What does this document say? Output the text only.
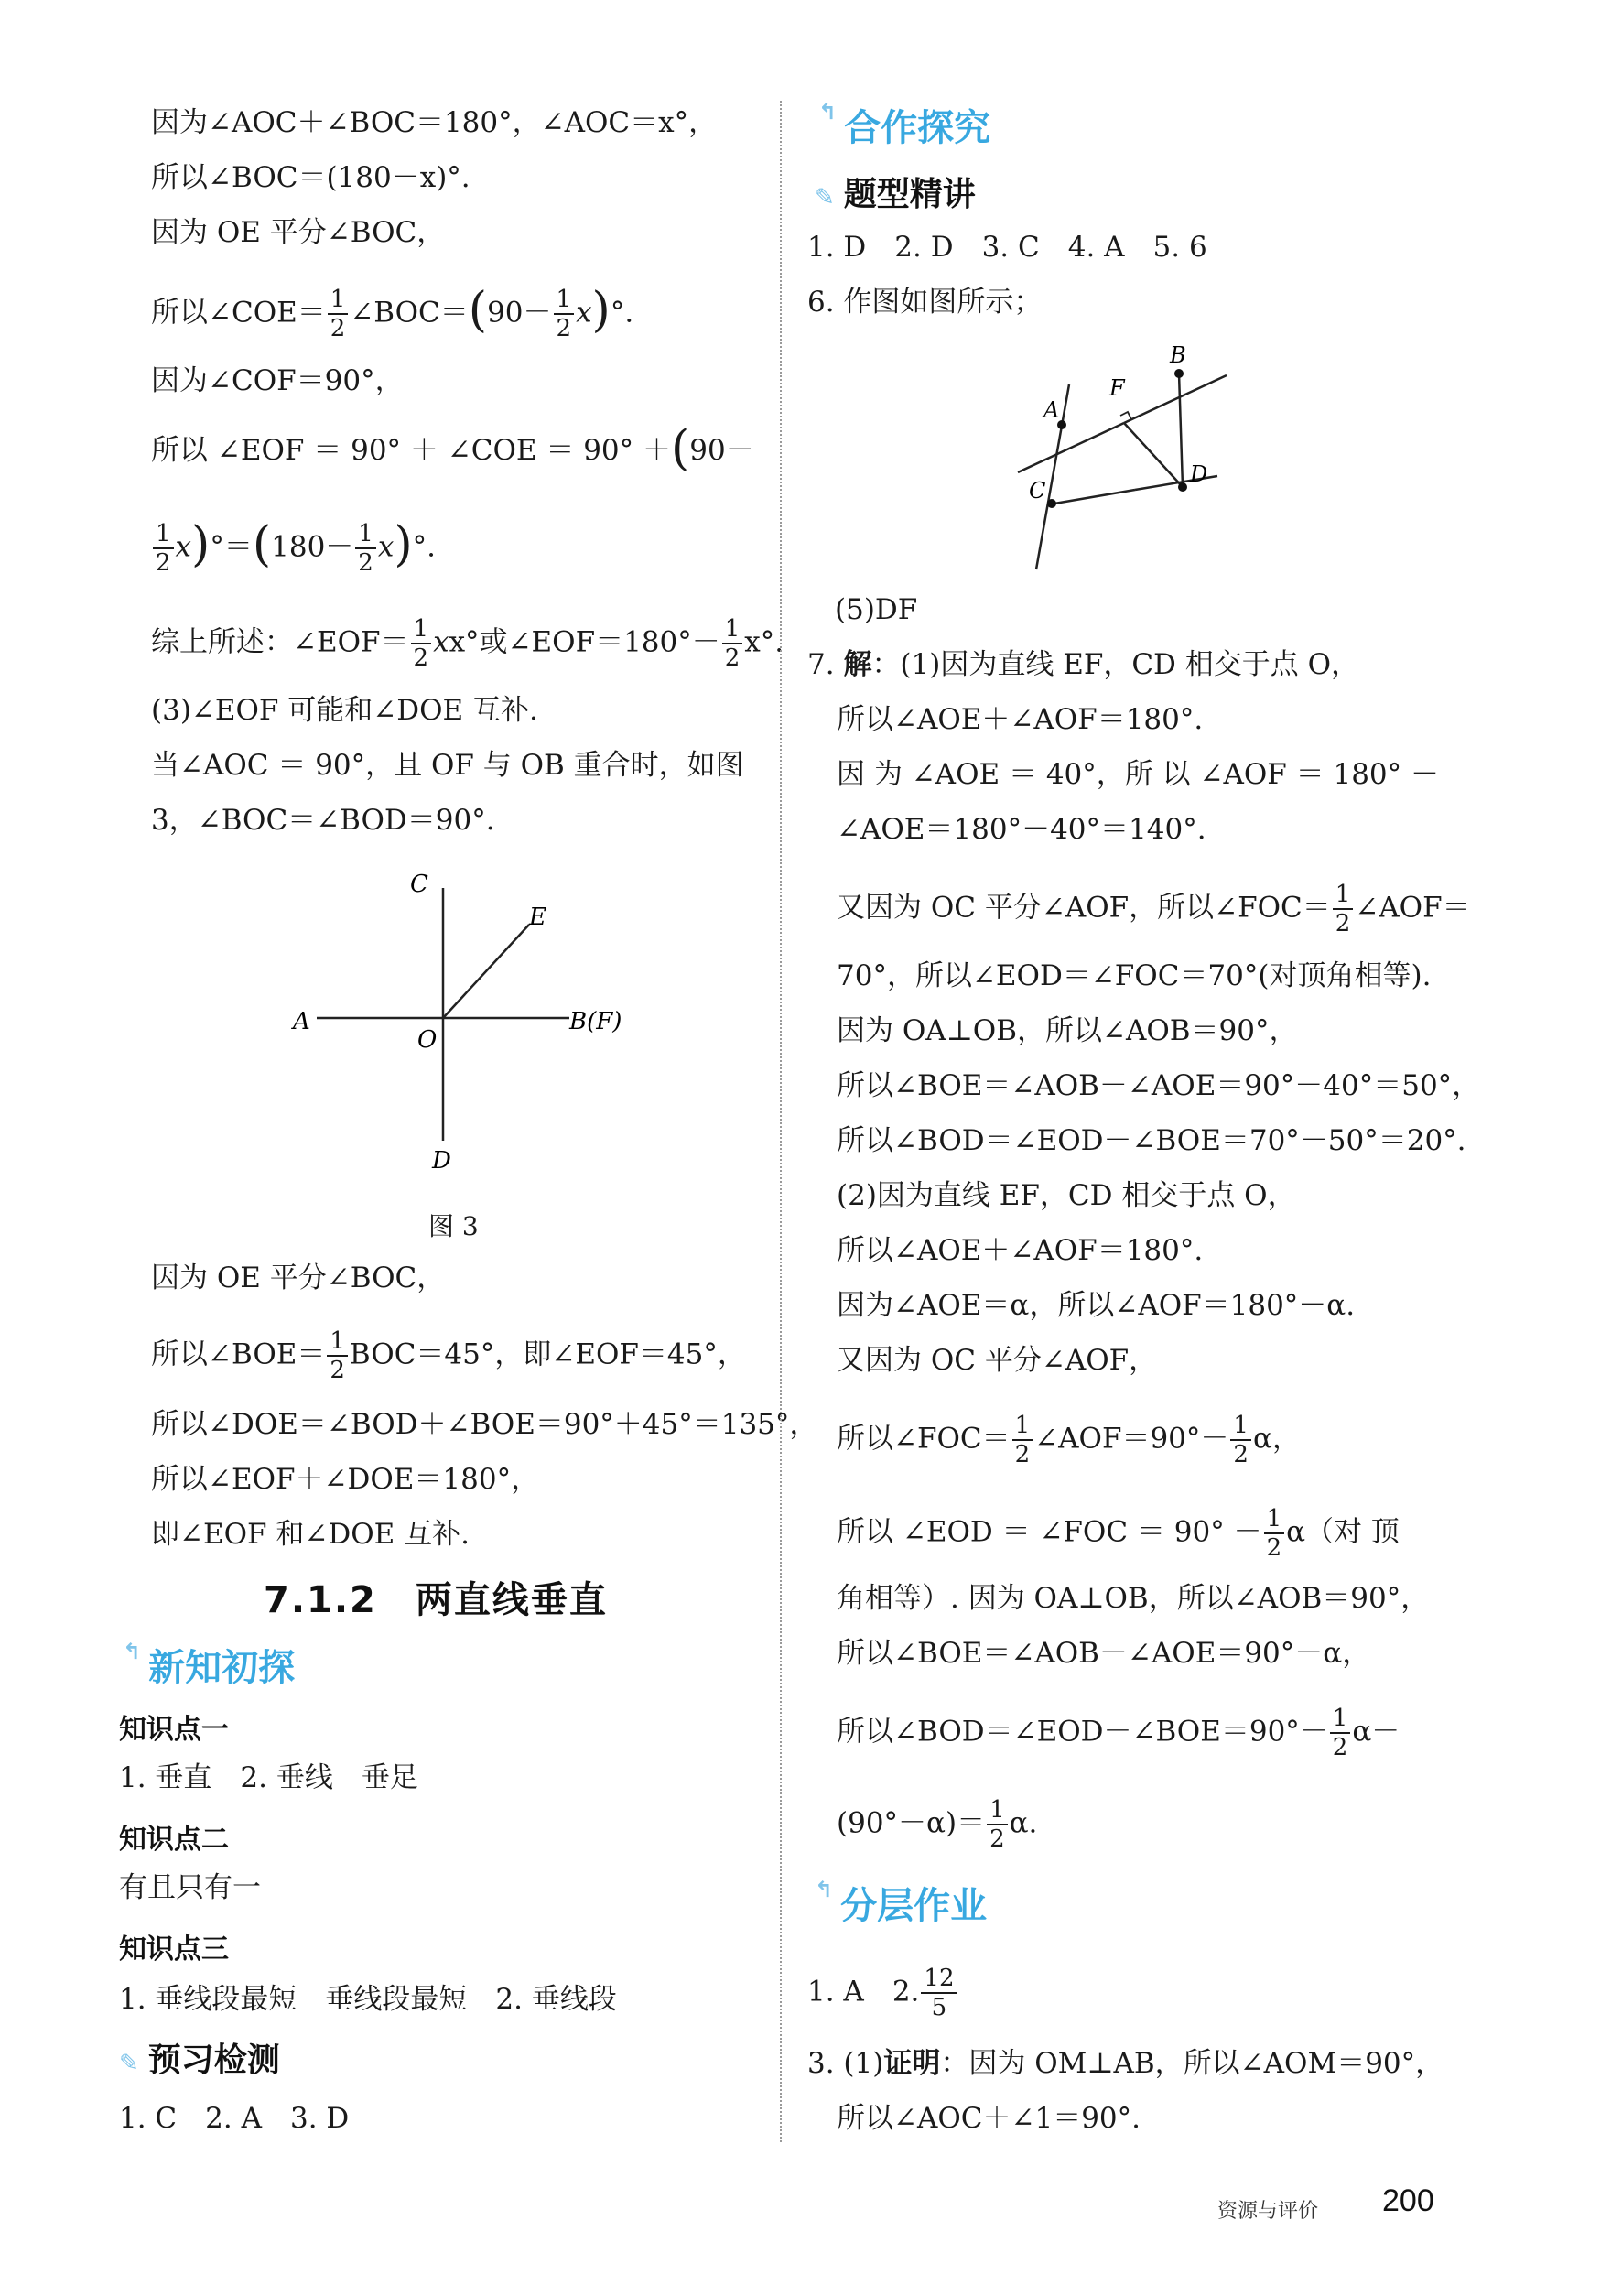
因为∠AOC＋∠BOC＝180°，∠AOC＝x°，
所以∠BOC＝(180－x)°.
因为 OE 平分∠BOC，
所以∠COE＝ $\frac{1}{2}$ ∠BOC＝(90－ $\frac{1}{2} x)^\circ$.
因为∠COF＝90°，
所以 ∠EOF ＝ 90° ＋ ∠COE ＝ 90° ＋(90－
$\frac{1}{2} x)^\circ=(180- \frac{1}{2} x)^\circ$.
综上所述：∠EOF＝ $\frac{1}{2} xx^\circ$或∠EOF＝180°－ $\frac{1}{2} x^\circ$.
(3)∠EOF 可能和∠DOE 互补.
当∠AOC ＝ 90°，且 OF 与 OB 重合时，如图
3，∠BOC＝∠BOD＝90°.
C
E
A
O
B(F)
D
图 3
因为 OE 平分∠BOC，
所以∠BOE＝ $\frac{1}{2} BOC=45^\circ$，即∠EOF＝45°，
所以∠DOE＝∠BOD＋∠BOE＝90°＋45°＝135°，
所以∠EOF＋∠DOE＝180°，
即∠EOF 和∠DOE 互补.
7.1.2　两直线垂直
↰ 新知初探
知识点一
1. 垂直　2. 垂线　垂足
知识点二
有且只有一
知识点三
1. 垂线段最短　垂线段最短　2. 垂线段
✎ 预习检测
1. C　2. A　3. D
↰ 合作探究
✎ 题型精讲
1. D　2. D　3. C　4. A　5. 6
6. 作图如图所示；
A
B
C
D
F
(5)DF
7. 解：(1)因为直线 EF，CD 相交于点 O，
所以∠AOE＋∠AOF＝180°.
因 为 ∠AOE ＝ 40°，所 以 ∠AOF ＝ 180° －
∠AOE＝180°－40°＝140°.
又因为 OC 平分∠AOF，所以∠FOC＝ $\frac{1}{2}$ ∠AOF＝
70°，所以∠EOD＝∠FOC＝70°(对顶角相等).
因为 OA⊥OB，所以∠AOB＝90°，
所以∠BOE＝∠AOB－∠AOE＝90°－40°＝50°，
所以∠BOD＝∠EOD－∠BOE＝70°－50°＝20°.
(2)因为直线 EF，CD 相交于点 O，
所以∠AOE＋∠AOF＝180°.
因为∠AOE＝α，所以∠AOF＝180°－α.
又因为 OC 平分∠AOF，
所以∠FOC＝ $\frac{1}{2}$ ∠AOF＝90°－ $\frac{1}{2}$ α，
所以 ∠EOD ＝ ∠FOC ＝ $90^\circ - \frac{1}{2} \alpha$（对 顶
角相等）. 因为 OA⊥OB，所以∠AOB＝90°，
所以∠BOE＝∠AOB－∠AOE＝90°－α，
所以∠BOD＝∠EOD－∠BOE＝90°－ $\frac{1}{2} \alpha-$
$(90^\circ-\alpha)= \frac{1}{2} \alpha$.
↰ 分层作业
1. A　2. $\frac{12}{5}$
3. (1)证明：因为 OM⊥AB，所以∠AOM＝90°，
所以∠AOC＋∠1＝90°.
资源与评价 200
